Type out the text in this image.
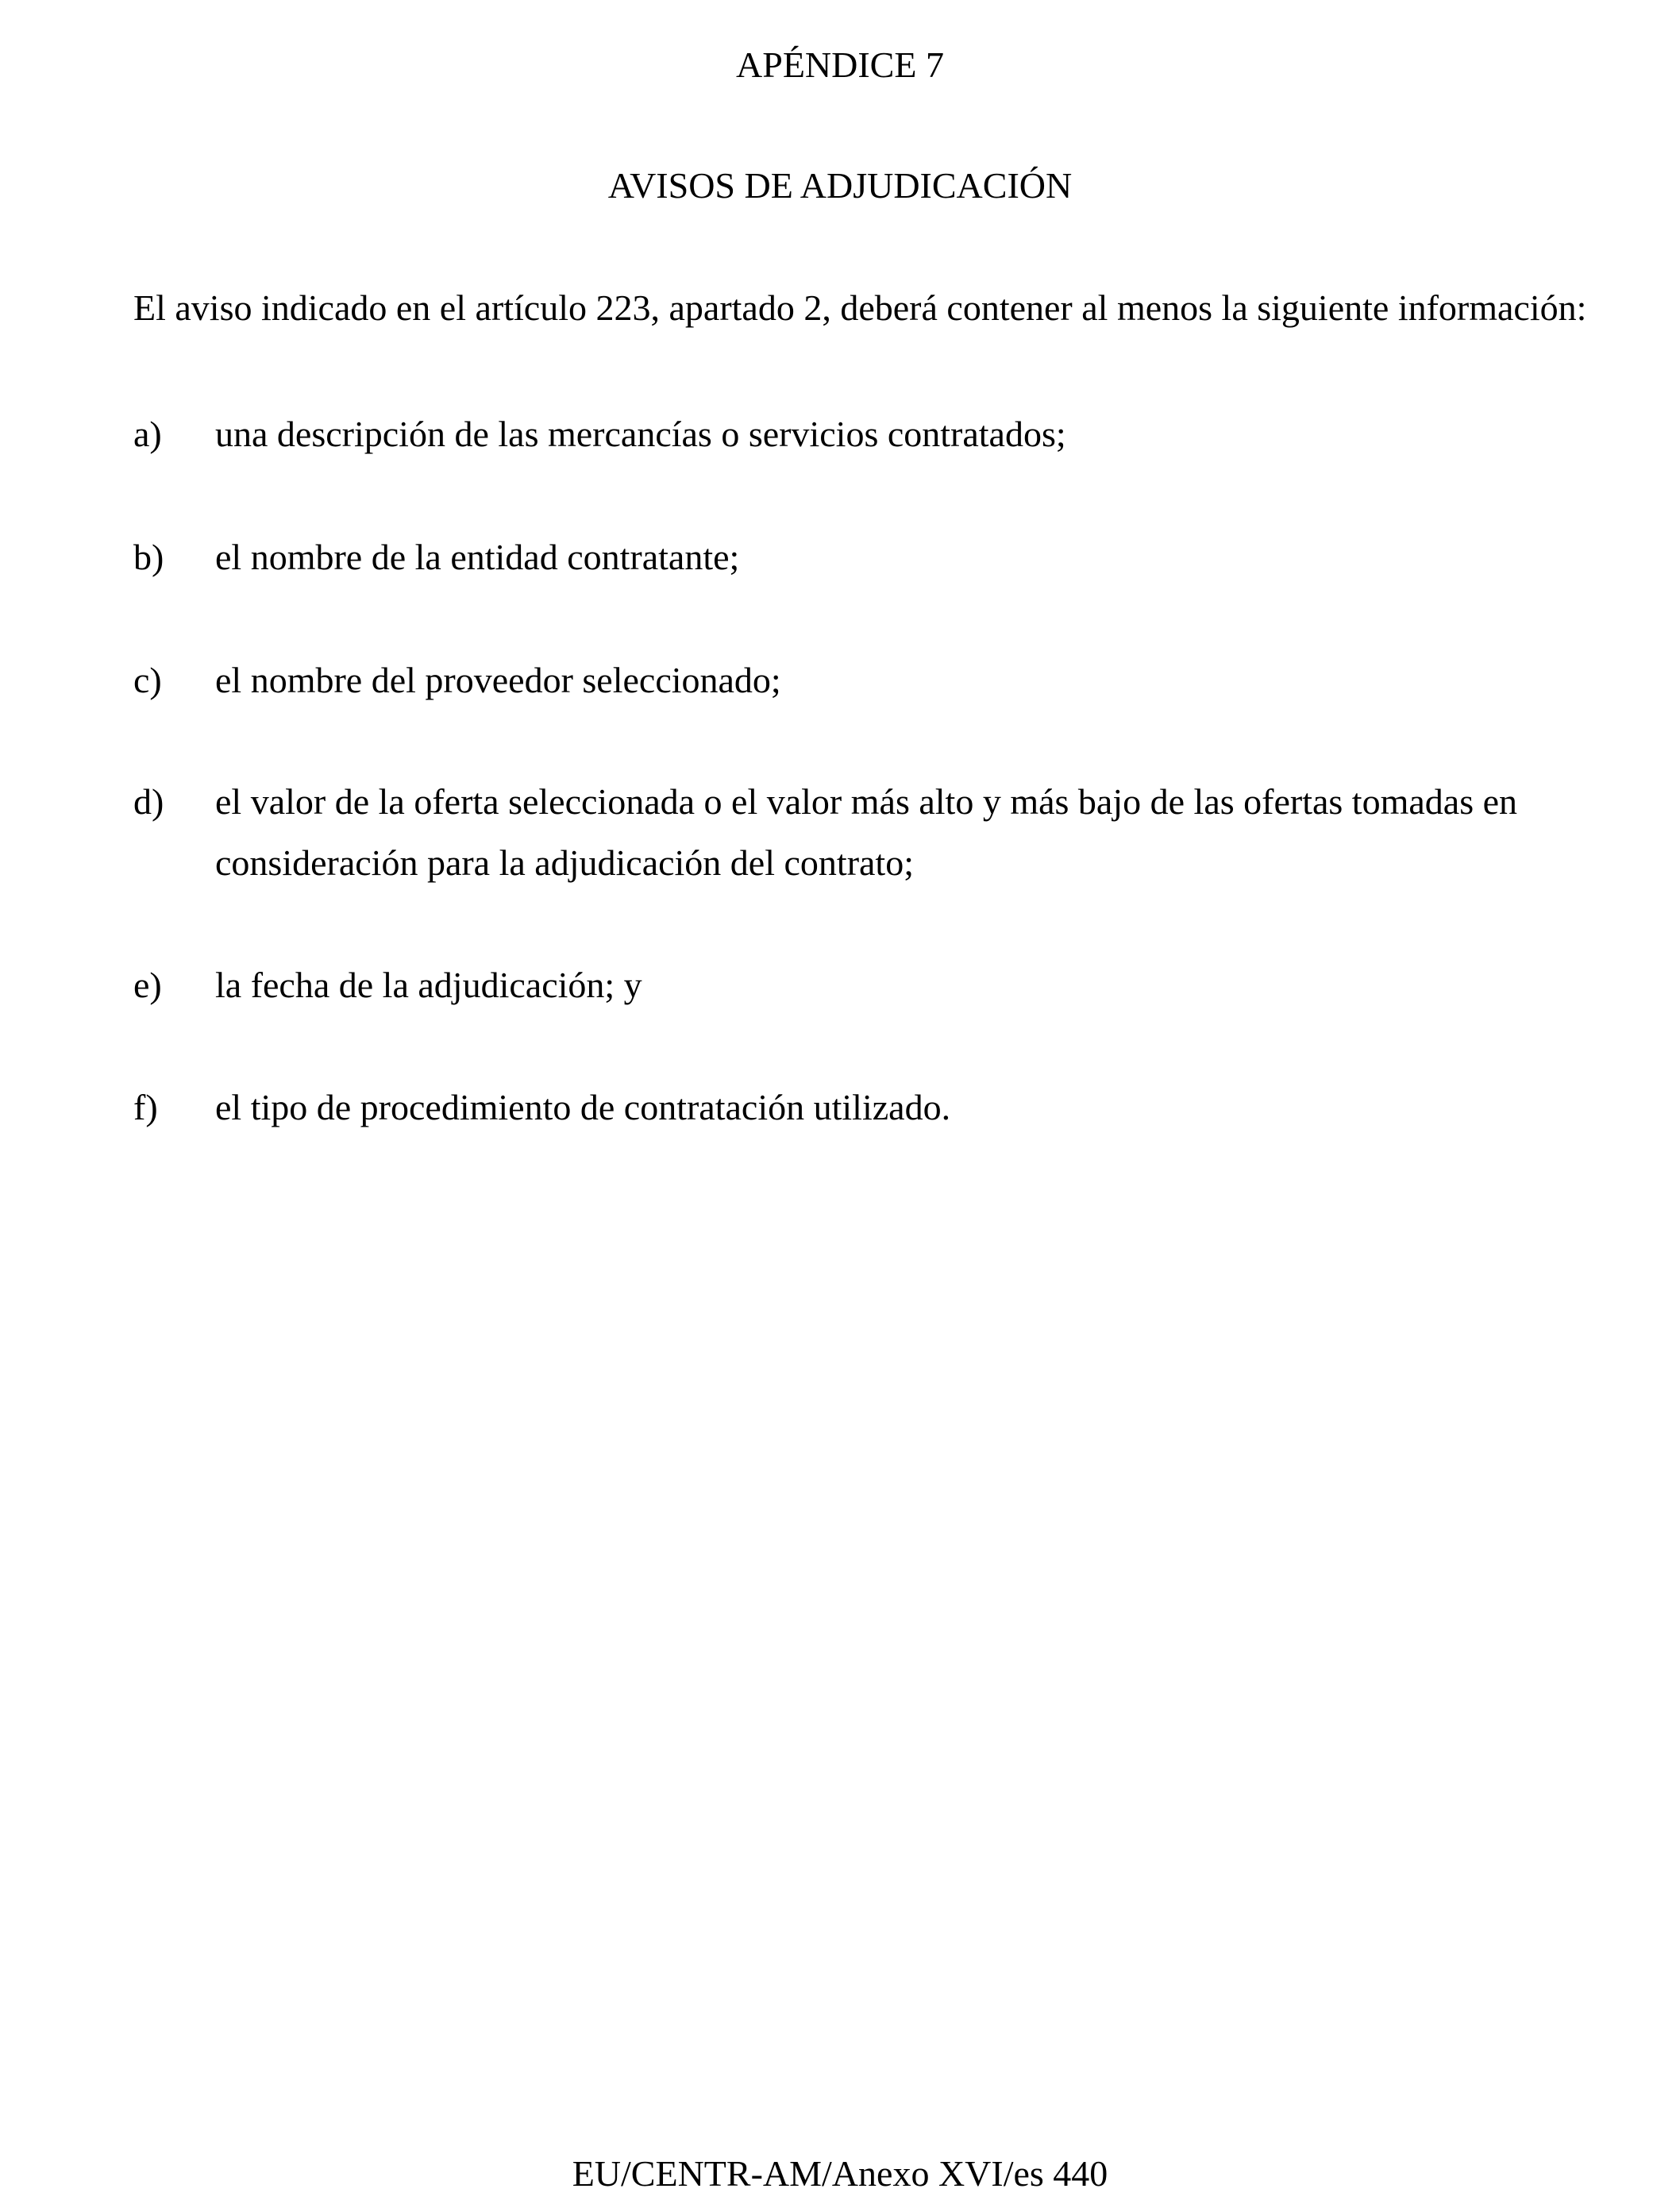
APÉNDICE 7
AVISOS DE ADJUDICACIÓN

El aviso indicado en el artículo 223, apartado 2, deberá contener al menos la siguiente información:

a) una descripción de las mercancías o servicios contratados;
b) el nombre de la entidad contratante;
c) el nombre del proveedor seleccionado;
d) el valor de la oferta seleccionada o el valor más alto y más bajo de las ofertas tomadas en consideración para la adjudicación del contrato;
e) la fecha de la adjudicación; y
f) el tipo de procedimiento de contratación utilizado.

EU/CENTR-AM/Anexo XVI/es 440
